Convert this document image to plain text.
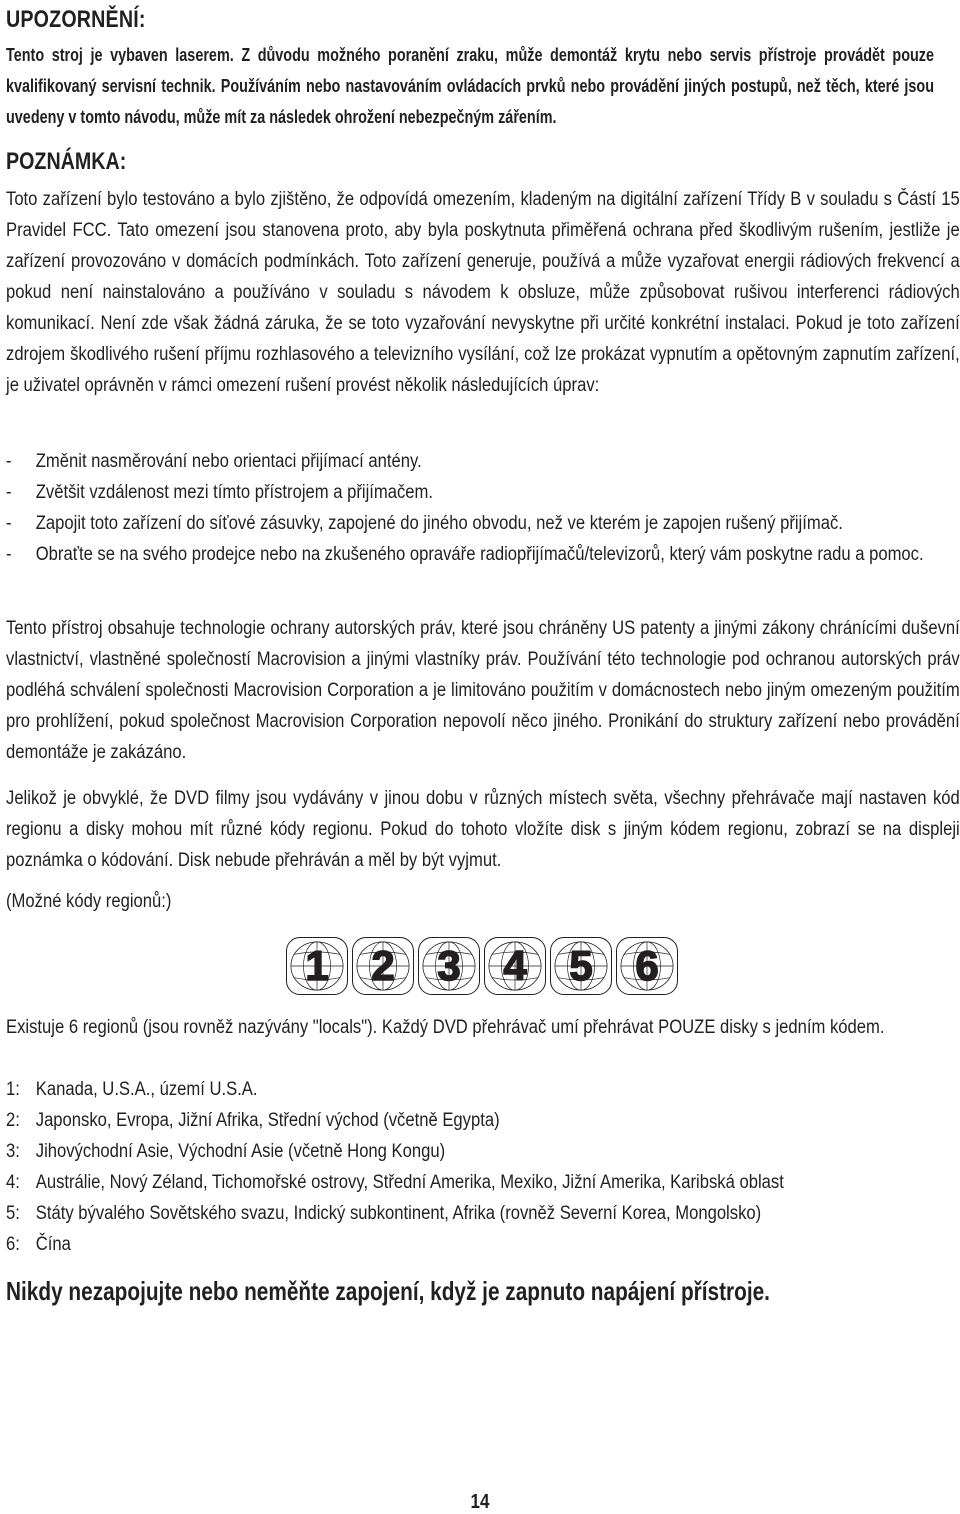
UPOZORNĚNÍ:

Tento stroj je vybaven laserem. Z důvodu možného poranění zraku, může demontáž krytu nebo servis přístroje provádět pouze kvalifikovaný servisní technik. Používáním nebo nastavováním ovládacích prvků nebo provádění jiných postupů, než těch, které jsou uvedeny v tomto návodu, může mít za následek ohrožení nebezpečným zářením.

POZNÁMKA:

Toto zařízení bylo testováno a bylo zjištěno, že odpovídá omezením, kladeným na digitální zařízení Třídy B v souladu s Částí 15 Pravidel FCC. Tato omezení jsou stanovena proto, aby byla poskytnuta přiměřená ochrana před škodlivým rušením, jestliže je zařízení provozováno v domácích podmínkách. Toto zařízení generuje, používá a může vyzařovat energii rádiových frekvencí a pokud není nainstalováno a používáno v souladu s návodem k obsluze, může způsobovat rušivou interferenci rádiových komunikací. Není zde však žádná záruka, že se toto vyzařování nevyskytne při určité konkrétní instalaci. Pokud je toto zařízení zdrojem škodlivého rušení příjmu rozhlasového a televizního vysílání, což lze prokázat vypnutím a opětovným zapnutím zařízení, je uživatel oprávněn v rámci omezení rušení provést několik následujících úprav:

- Změnit nasměrování nebo orientaci přijímací antény.
- Zvětšit vzdálenost mezi tímto přístrojem a přijímačem.
- Zapojit toto zařízení do síťové zásuvky, zapojené do jiného obvodu, než ve kterém je zapojen rušený přijímač.
- Obraťte se na svého prodejce nebo na zkušeného opraváře radiopřijímačů/televizorů, který vám poskytne radu a pomoc.

Tento přístroj obsahuje technologie ochrany autorských práv, které jsou chráněny US patenty a jinými zákony chránícími duševní vlastnictví, vlastněné společností Macrovision a jinými vlastníky práv. Používání této technologie pod ochranou autorských práv podléhá schválení společnosti Macrovision Corporation a je limitováno použitím v domácnostech nebo jiným omezeným použitím pro prohlížení, pokud společnost Macrovision Corporation nepovolí něco jiného. Pronikání do struktury zařízení nebo provádění demontáže je zakázáno.

Jelikož je obvyklé, že DVD filmy jsou vydávány v jinou dobu v různých místech světa, všechny přehrávače mají nastaven kód regionu a disky mohou mít různé kódy regionu. Pokud do tohoto vložíte disk s jiným kódem regionu, zobrazí se na displeji poznámka o kódování. Disk nebude přehráván a měl by být vyjmut.

(Možné kódy regionů:)

1	2	3	4	5	6

Existuje 6 regionů (jsou rovněž nazývány "locals"). Každý DVD přehrávač umí přehrávat POUZE disky s jedním kódem.

1: Kanada, U.S.A., území U.S.A.
2: Japonsko, Evropa, Jižní Afrika, Střední východ (včetně Egypta)
3: Jihovýchodní Asie, Východní Asie (včetně Hong Kongu)
4: Austrálie, Nový Zéland, Tichomořské ostrovy, Střední Amerika, Mexiko, Jižní Amerika, Karibská oblast
5: Státy bývalého Sovětského svazu, Indický subkontinent, Afrika (rovněž Severní Korea, Mongolsko)
6: Čína
Nikdy nezapojujte nebo neměňte zapojení, když je zapnuto napájení přístroje.
14
